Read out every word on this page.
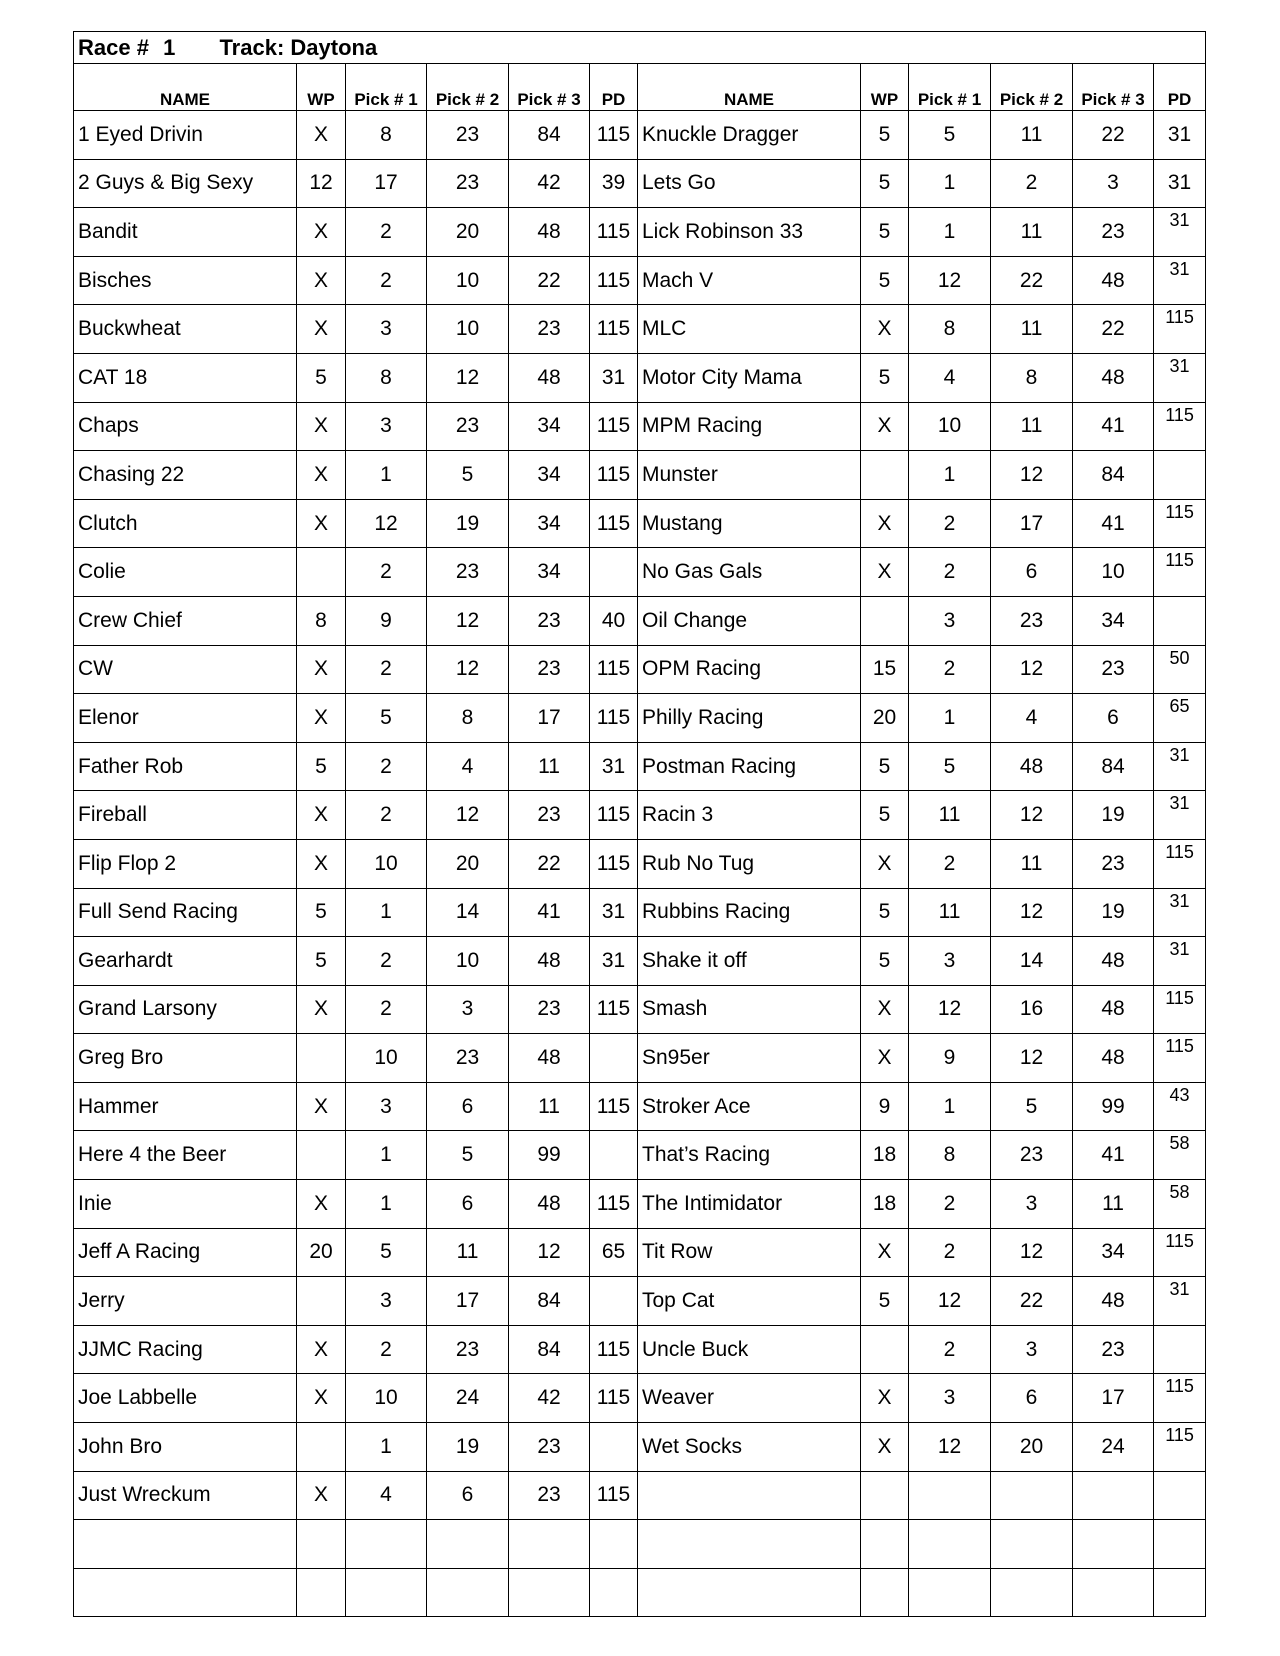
Race # 1 Track: Daytona											
NAME	WP	Pick # 1	Pick # 2	Pick # 3	PD	NAME	WP	Pick # 1	Pick # 2	Pick # 3	PD
1 Eyed Drivin	X	8	23	84	115	Knuckle Dragger	5	5	11	22	31
2 Guys & Big Sexy	12	17	23	42	39	Lets Go	5	1	2	3	31
Bandit	X	2	20	48	115	Lick Robinson 33	5	1	11	23	31

Bisches	X	2	10	22	115	Mach V	5	12	22	48	31

Buckwheat	X	3	10	23	115	MLC	X	8	11	22	115

CAT 18	5	8	12	48	31	Motor City Mama	5	4	8	48	31

Chaps	X	3	23	34	115	MPM Racing	X	10	11	41	115

Chasing 22	X	1	5	34	115	Munster		1	12	84	
Clutch	X	12	19	34	115	Mustang	X	2	17	41	115

Colie		2	23	34		No Gas Gals	X	2	6	10	115

Crew Chief	8	9	12	23	40	Oil Change		3	23	34	
CW	X	2	12	23	115	OPM Racing	15	2	12	23	50

Elenor	X	5	8	17	115	Philly Racing	20	1	4	6	65

Father Rob	5	2	4	11	31	Postman Racing	5	5	48	84	31

Fireball	X	2	12	23	115	Racin 3	5	11	12	19	31

Flip Flop 2	X	10	20	22	115	Rub No Tug	X	2	11	23	115

Full Send Racing	5	1	14	41	31	Rubbins Racing	5	11	12	19	31

Gearhardt	5	2	10	48	31	Shake it off	5	3	14	48	31

Grand Larsony	X	2	3	23	115	Smash	X	12	16	48	115

Greg Bro		10	23	48		Sn95er	X	9	12	48	115

Hammer	X	3	6	11	115	Stroker Ace	9	1	5	99	43

Here 4 the Beer		1	5	99		That’s Racing	18	8	23	41	58

Inie	X	1	6	48	115	The Intimidator	18	2	3	11	58

Jeff A Racing	20	5	11	12	65	Tit Row	X	2	12	34	115

Jerry		3	17	84		Top Cat	5	12	22	48	31

JJMC Racing	X	2	23	84	115	Uncle Buck		2	3	23	
Joe Labbelle	X	10	24	42	115	Weaver	X	3	6	17	115

John Bro		1	19	23		Wet Socks	X	12	20	24	115

Just Wreckum	X	4	6	23	115						
